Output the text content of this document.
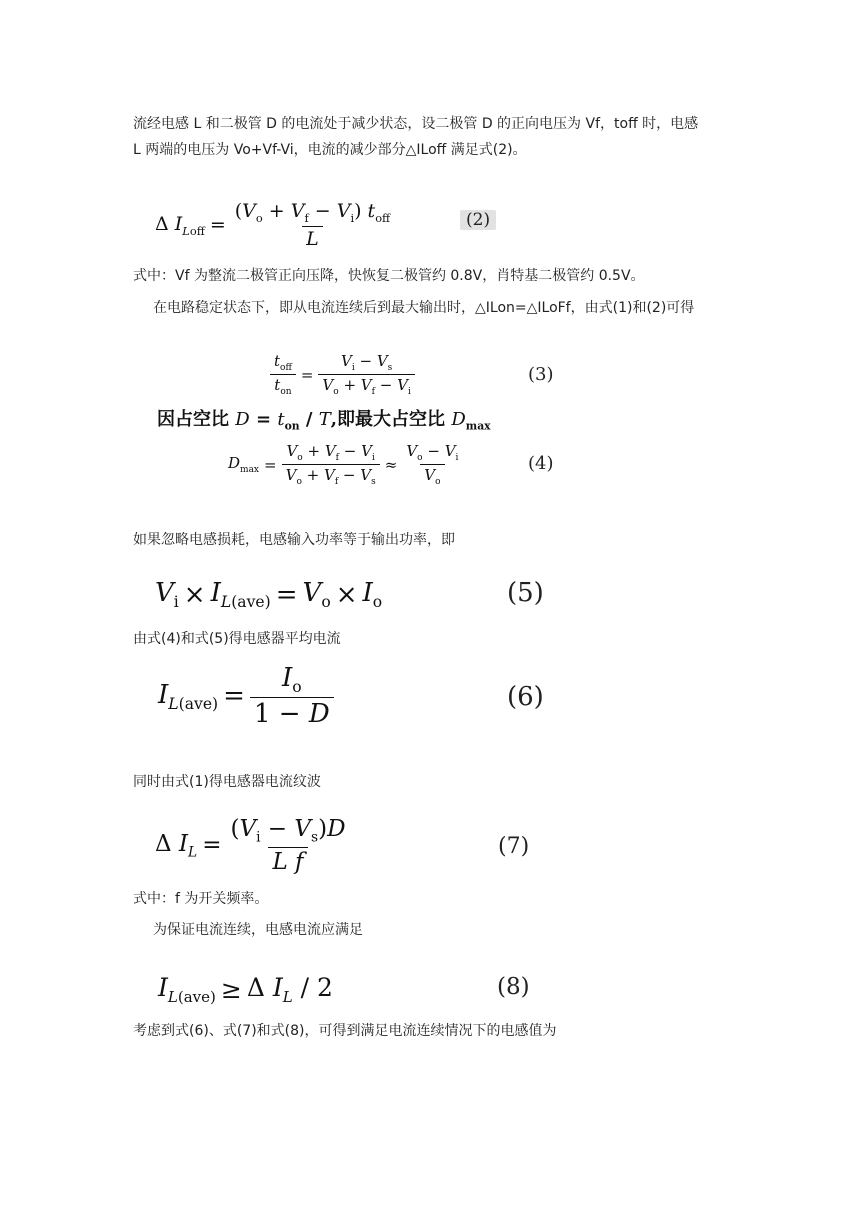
流经电感 L 和二极管 D 的电流处于减少状态，设二极管 D 的正向电压为 Vf，toff 时，电感
L 两端的电压为 Vo+Vf-Vi，电流的减少部分△ILoff 满足式(2)。
Δ $I_{Loff} = \frac{(V_o + V_f - V_i) t_{off}}{L}$	(2)
式中：Vf 为整流二极管正向压降，快恢复二极管约 0.8V，肖特基二极管约 0.5V。
在电路稳定状态下，即从电流连续后到最大输出时，△ILon=△ILoFf，由式(1)和(2)可得
$\frac{t_{off}}{t_{on}} = \frac{V_i - V_s}{V_o + V_f - V_i}$	(3)
因占空比 $D = t_{on} / T$,即最大占空比 $D_{max}$
$D_{max} = \frac{V_o + V_f - V_i}{V_o + V_f - V_s} \approx \frac{V_o - V_i}{V_o}$	(4)
如果忽略电感损耗，电感输入功率等于输出功率，即
$V_i \times I_{L(ave)} = V_o \times I_o$	(5)
由式(4)和式(5)得电感器平均电流
$I_{L(ave)} = \frac{I_o}{1 - D}$	(6)
同时由式(1)得电感器电流纹波
Δ $I_L = \frac{(V_i - V_s)D}{\text{L f}}$	(7)
式中：f 为开关频率。
为保证电流连续，电感电流应满足
$I_{L(ave)} \ge \Delta$ $I_L / 2$	(8)
考虑到式(6)、式(7)和式(8)，可得到满足电流连续情况下的电感值为
